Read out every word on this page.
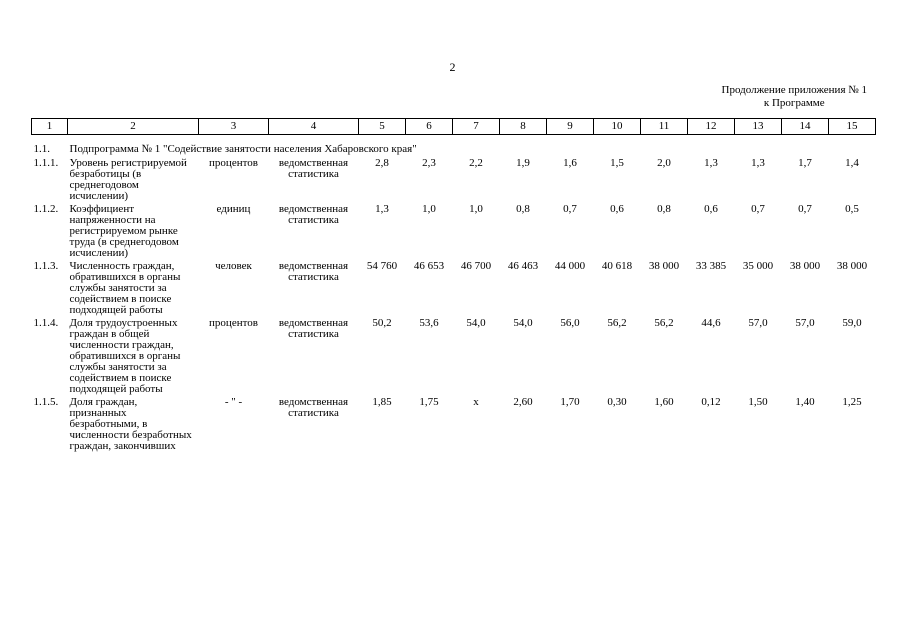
2
Продолжение приложения № 1
к Программе
1	2	3	4	5	6	7	8	9	10	11	12	13	14	15
1.1.	Подпрограмма № 1 "Содействие занятости населения Хабаровского края"													
1.1.1.	Уровень регистрируемой безработицы (в среднегодовом исчислении)	процентов	ведомственная статистика	2,8	2,3	2,2	1,9	1,6	1,5	2,0	1,3	1,3	1,7	1,4
1.1.2.	Коэффициент напряженности на регистрируемом рынке труда (в среднегодовом исчислении)	единиц	ведомственная статистика	1,3	1,0	1,0	0,8	0,7	0,6	0,8	0,6	0,7	0,7	0,5
1.1.3.	Численность граждан, обратившихся в органы службы занятости за содействием в поиске подходящей работы	человек	ведомственная статистика	54 760	46 653	46 700	46 463	44 000	40 618	38 000	33 385	35 000	38 000	38 000
1.1.4.	Доля трудоустроенных граждан в общей численности граждан, обратившихся в органы службы занятости за содействием в поиске подходящей работы	процентов	ведомственная статистика	50,2	53,6	54,0	54,0	56,0	56,2	56,2	44,6	57,0	57,0	59,0
1.1.5.	Доля граждан, признанных безработными, в численности безработных граждан, закончивших	- " -	ведомственная статистика	1,85	1,75	х	2,60	1,70	0,30	1,60	0,12	1,50	1,40	1,25
